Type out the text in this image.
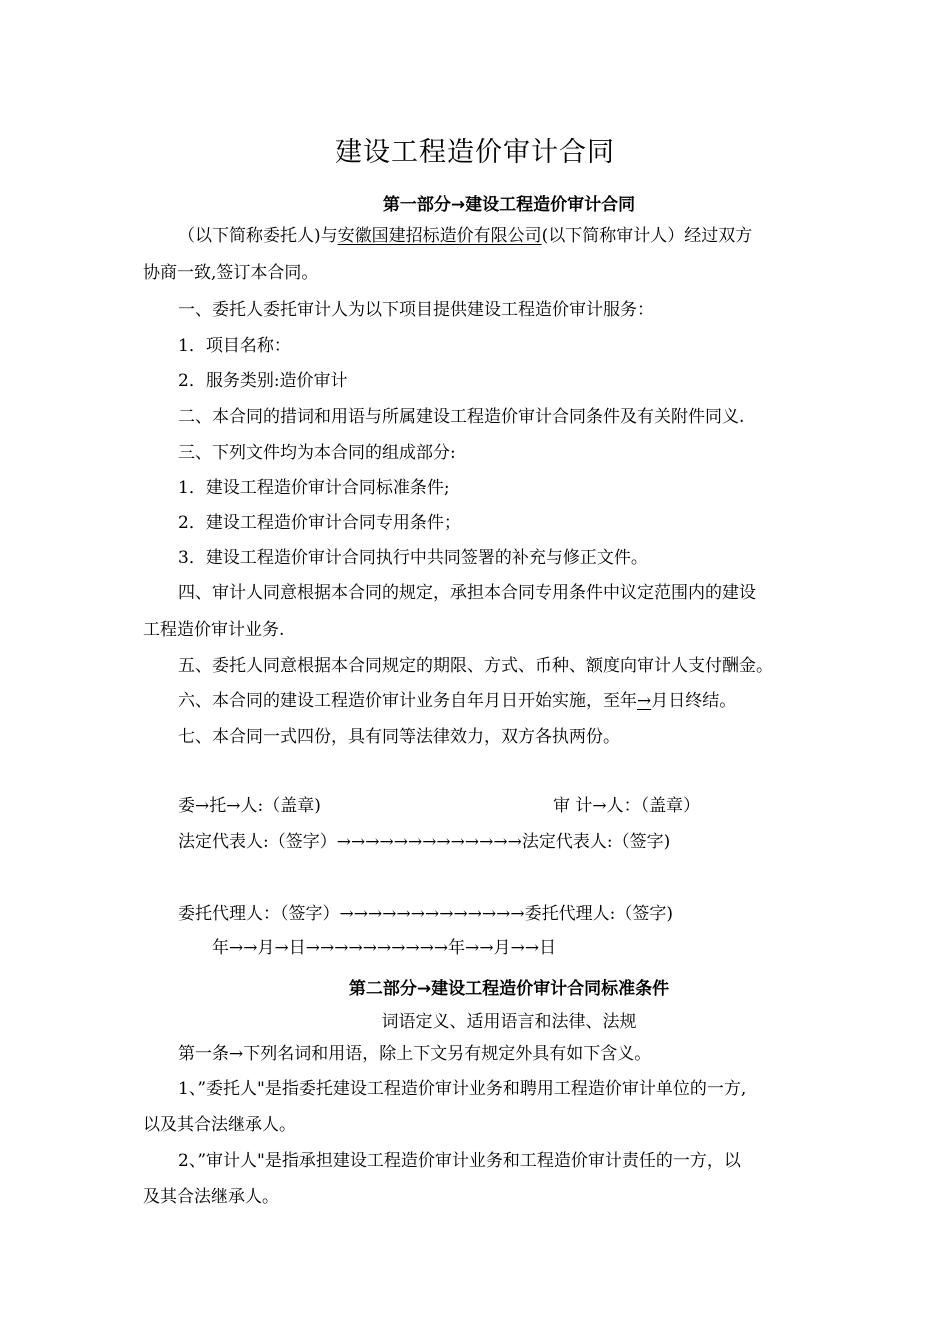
建设工程造价审计合同
第一部分→建设工程造价审计合同
（以下简称委托人)与安徽国建招标造价有限公司(以下简称审计人）经过双方
协商一致,签订本合同。
一、委托人委托审计人为以下项目提供建设工程造价审计服务：
1．项目名称：
2．服务类别:造价审计
二、本合同的措词和用语与所属建设工程造价审计合同条件及有关附件同义.
三、下列文件均为本合同的组成部分:
1．建设工程造价审计合同标准条件;
2．建设工程造价审计合同专用条件；
3．建设工程造价审计合同执行中共同签署的补充与修正文件。
四、审计人同意根据本合同的规定，承担本合同专用条件中议定范围内的建设
工程造价审计业务.
五、委托人同意根据本合同规定的期限、方式、币种、额度向审计人支付酬金。
六、本合同的建设工程造价审计业务自年月日开始实施，至年→月日终结。
七、本合同一式四份，具有同等法律效力，双方各执两份。
委→托→人:（盖章)	审 计→人：（盖章）
法定代表人:（签字）→→→→→→→→→→→→→法定代表人:（签字)
委托代理人：（签字）→→→→→→→→→→→→→委托代理人:（签字)
年→→月→日→→→→→→→→→→年→→月→→日
第二部分→建设工程造价审计合同标准条件
词语定义、适用语言和法律、法规
第一条→下列名词和用语，除上下文另有规定外具有如下含义。
1、”委托人"是指委托建设工程造价审计业务和聘用工程造价审计单位的一方,
以及其合法继承人。
2、”审计人"是指承担建设工程造价审计业务和工程造价审计责任的一方，以
及其合法继承人。
